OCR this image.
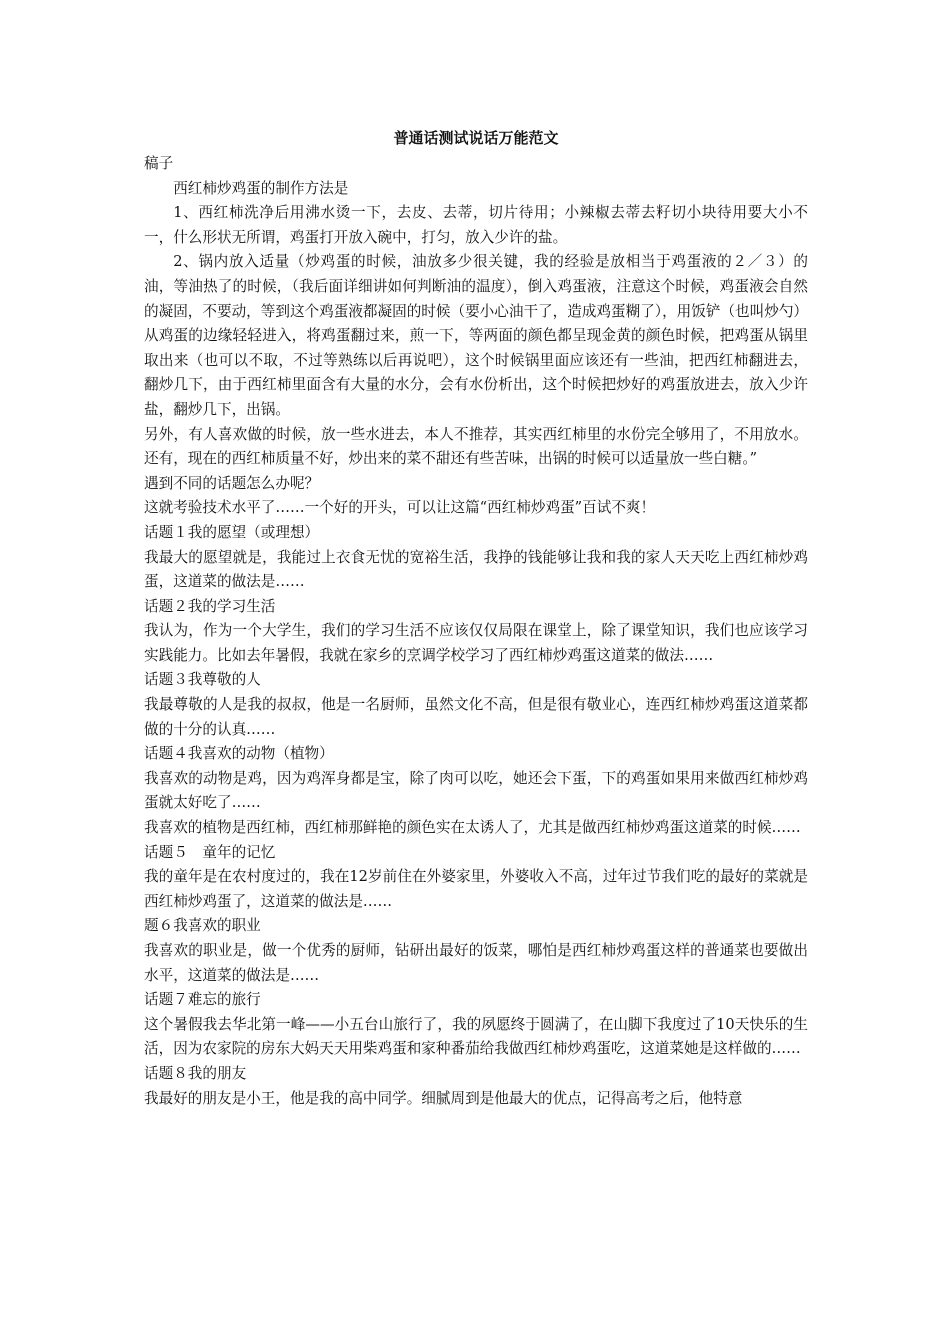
普通话测试说话万能范文

稿子

西红柿炒鸡蛋的制作方法是

1、西红柿洗净后用沸水烫一下，去皮、去蒂，切片待用；小辣椒去蒂去籽切小块待用要大小不一，什么形状无所谓，鸡蛋打开放入碗中，打匀，放入少许的盐。

2、锅内放入适量（炒鸡蛋的时候，油放多少很关键，我的经验是放相当于鸡蛋液的２／３）的油，等油热了的时候，（我后面详细讲如何判断油的温度），倒入鸡蛋液，注意这个时候，鸡蛋液会自然的凝固，不要动，等到这个鸡蛋液都凝固的时候（要小心油干了，造成鸡蛋糊了），用饭铲（也叫炒勺）从鸡蛋的边缘轻轻进入，将鸡蛋翻过来，煎一下，等两面的颜色都呈现金黄的颜色时候，把鸡蛋从锅里取出来（也可以不取，不过等熟练以后再说吧），这个时候锅里面应该还有一些油，把西红柿翻进去，翻炒几下，由于西红柿里面含有大量的水分，会有水份析出，这个时候把炒好的鸡蛋放进去，放入少许盐，翻炒几下，出锅。

另外，有人喜欢做的时候，放一些水进去，本人不推荐，其实西红柿里的水份完全够用了，不用放水。还有，现在的西红柿质量不好，炒出来的菜不甜还有些苦味，出锅的时候可以适量放一些白糖。”

遇到不同的话题怎么办呢？

这就考验技术水平了……一个好的开头，可以让这篇“西红柿炒鸡蛋”百试不爽！

话题１我的愿望（或理想）

我最大的愿望就是，我能过上衣食无忧的宽裕生活，我挣的钱能够让我和我的家人天天吃上西红柿炒鸡蛋，这道菜的做法是……

话题２我的学习生活

我认为，作为一个大学生，我们的学习生活不应该仅仅局限在课堂上，除了课堂知识，我们也应该学习实践能力。比如去年暑假，我就在家乡的烹调学校学习了西红柿炒鸡蛋这道菜的做法……

话题３我尊敬的人

我最尊敬的人是我的叔叔，他是一名厨师，虽然文化不高，但是很有敬业心，连西红柿炒鸡蛋这道菜都做的十分的认真……

话题４我喜欢的动物（植物）

我喜欢的动物是鸡，因为鸡浑身都是宝，除了肉可以吃，她还会下蛋，下的鸡蛋如果用来做西红柿炒鸡蛋就太好吃了……

我喜欢的植物是西红柿，西红柿那鲜艳的颜色实在太诱人了，尤其是做西红柿炒鸡蛋这道菜的时候……

话题５　童年的记忆

我的童年是在农村度过的，我在12岁前住在外婆家里，外婆收入不高，过年过节我们吃的最好的菜就是西红柿炒鸡蛋了，这道菜的做法是……

题６我喜欢的职业

我喜欢的职业是，做一个优秀的厨师，钻研出最好的饭菜，哪怕是西红柿炒鸡蛋这样的普通菜也要做出水平，这道菜的做法是……

话题７难忘的旅行

这个暑假我去华北第一峰——小五台山旅行了，我的夙愿终于圆满了，在山脚下我度过了10天快乐的生活，因为农家院的房东大妈天天用柴鸡蛋和家种番茄给我做西红柿炒鸡蛋吃，这道菜她是这样做的……

话题８我的朋友

我最好的朋友是小王，他是我的高中同学。细腻周到是他最大的优点，记得高考之后，他特意
